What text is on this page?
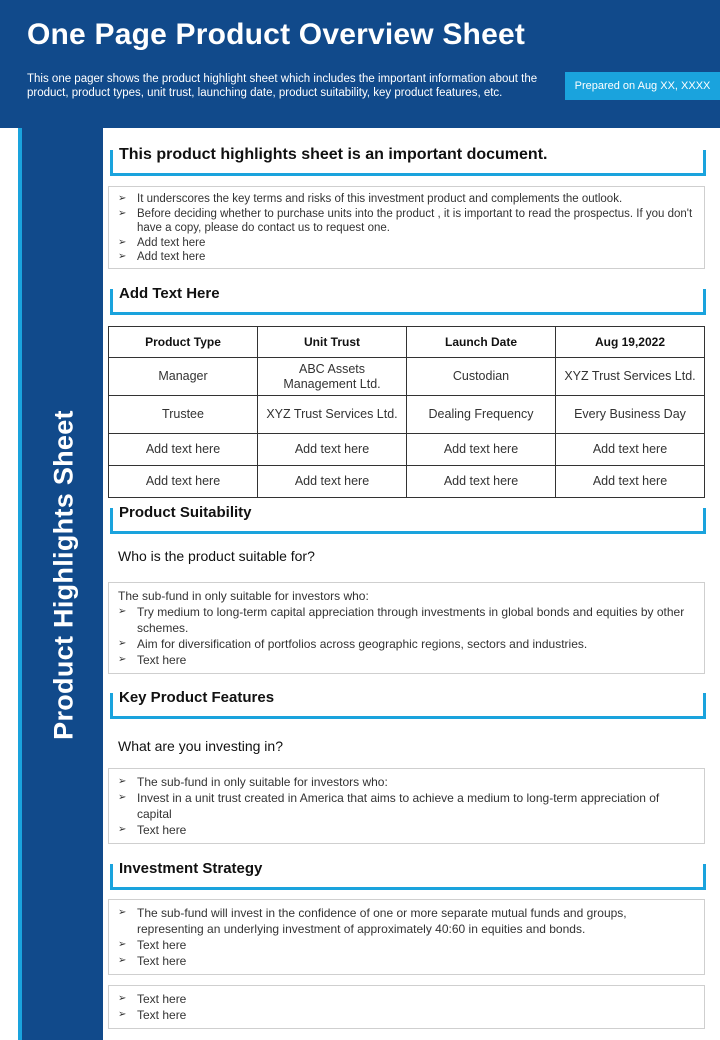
One Page Product Overview Sheet
This one pager shows the product highlight sheet which includes the important information about the product, product types, unit trust, launching date, product suitability, key product features, etc.
Prepared on Aug XX, XXXX
Product Highlights Sheet
This product highlights sheet is an important document.
➢ It underscores the key terms and risks of this investment product and complements the outlook.
➢ Before deciding whether to purchase units into the product , it is important to read the prospectus. If you don't have a copy, please do contact us to request one.
➢ Add text here
➢ Add text here
Add Text Here
Product Type	Unit Trust	Launch Date	Aug 19,2022
Manager	ABC Assets Management Ltd.	Custodian	XYZ Trust Services Ltd.
Trustee	XYZ Trust Services Ltd.	Dealing Frequency	Every Business Day
Add text here	Add text here	Add text here	Add text here
Add text here	Add text here	Add text here	Add text here
Product Suitability
Who is the product suitable for?
The sub-fund in only suitable for investors who:
➢ Try medium to long-term capital appreciation through investments in global bonds and equities by other schemes.
➢ Aim for diversification of portfolios across geographic regions, sectors and industries.
➢ Text here
Key Product Features
What are you investing in?
➢ The sub-fund in only suitable for investors who:
➢ Invest in a unit trust created in America that aims to achieve a medium to long-term appreciation of capital
➢ Text here
Investment Strategy
➢ The sub-fund will invest in the confidence of one or more separate mutual funds and groups, representing an underlying investment of approximately 40:60 in equities and bonds.
➢ Text here
➢ Text here
➢ Text here
➢ Text here
